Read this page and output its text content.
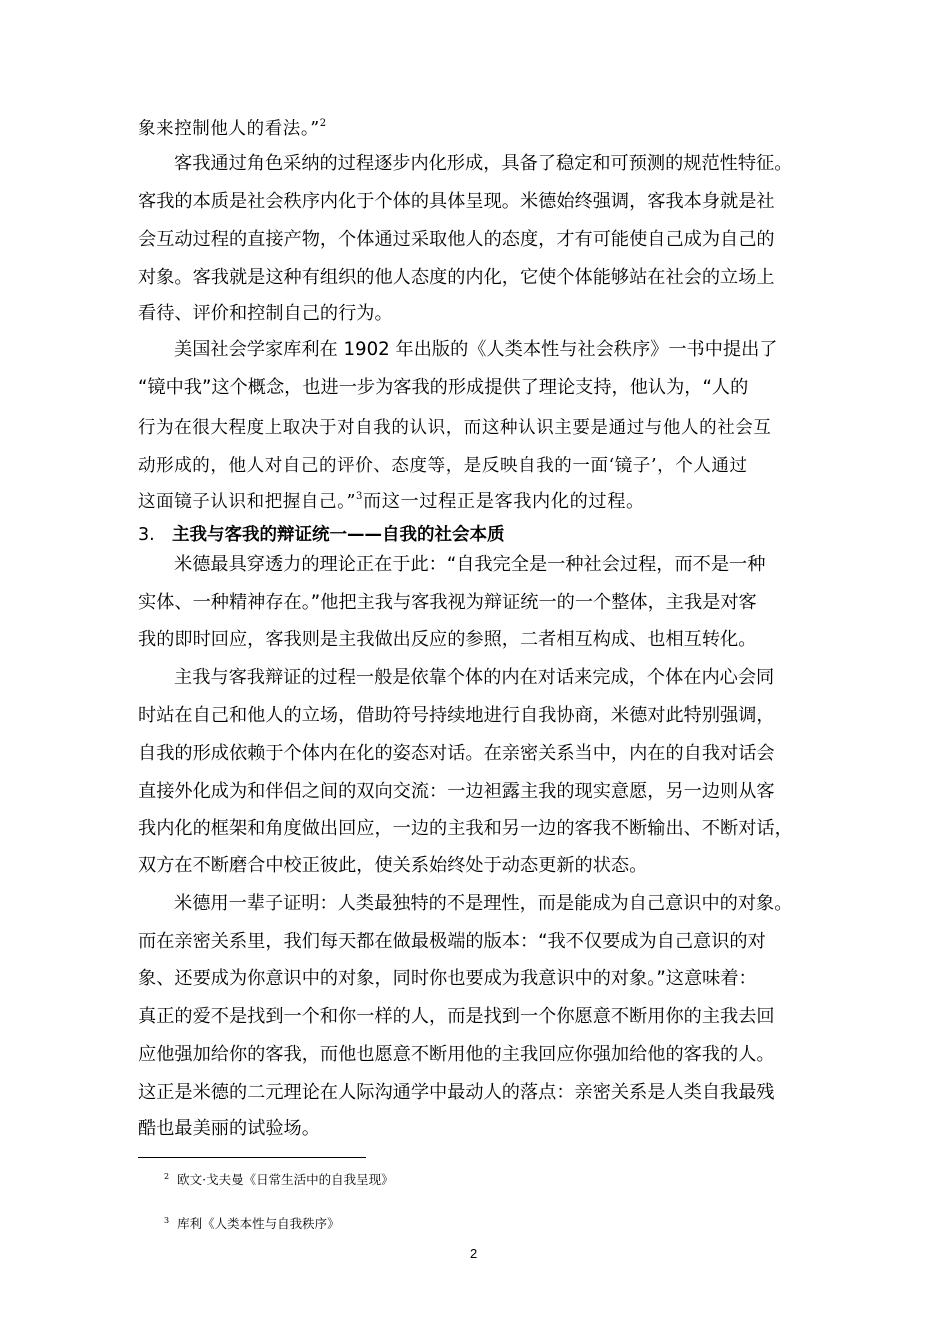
象来控制他人的看法。”$^2$
客我通过角色采纳的过程逐步内化形成，具备了稳定和可预测的规范性特征。
客我的本质是社会秩序内化于个体的具体呈现。米德始终强调，客我本身就是社
会互动过程的直接产物，个体通过采取他人的态度，才有可能使自己成为自己的
对象。客我就是这种有组织的他人态度的内化，它使个体能够站在社会的立场上
看待、评价和控制自己的行为。
美国社会学家库利在 1902 年出版的《人类本性与社会秩序》一书中提出了
“镜中我”这个概念，也进一步为客我的形成提供了理论支持，他认为，“人的
行为在很大程度上取决于对自我的认识，而这种认识主要是通过与他人的社会互
动形成的，他人对自己的评价、态度等，是反映自我的一面‘镜子’，个人通过
这面镜子认识和把握自己。”$^3$而这一过程正是客我内化的过程。
米德最具穿透力的理论正在于此：“自我完全是一种社会过程，而不是一种
实体、一种精神存在。”他把主我与客我视为辩证统一的一个整体，主我是对客
我的即时回应，客我则是主我做出反应的参照，二者相互构成、也相互转化。
主我与客我辩证的过程一般是依靠个体的内在对话来完成，个体在内心会同
时站在自己和他人的立场，借助符号持续地进行自我协商，米德对此特别强调，
自我的形成依赖于个体内在化的姿态对话。在亲密关系当中，内在的自我对话会
直接外化成为和伴侣之间的双向交流：一边袒露主我的现实意愿，另一边则从客
我内化的框架和角度做出回应，一边的主我和另一边的客我不断输出、不断对话，
双方在不断磨合中校正彼此，使关系始终处于动态更新的状态。
米德用一辈子证明：人类最独特的不是理性，而是能成为自己意识中的对象。
而在亲密关系里，我们每天都在做最极端的版本：“我不仅要成为自己意识的对
象、还要成为你意识中的对象，同时你也要成为我意识中的对象。”这意味着：
真正的爱不是找到一个和你一样的人，而是找到一个你愿意不断用你的主我去回
应他强加给你的客我，而他也愿意不断用他的主我回应你强加给他的客我的人。
这正是米德的二元理论在人际沟通学中最动人的落点：亲密关系是人类自我最残
酷也最美丽的试验场。
3. 主我与客我的辩证统一——自我的社会本质
$^2$ 欧文·戈夫曼《日常生活中的自我呈现》
$^3$ 库利《人类本性与自我秩序》
2
